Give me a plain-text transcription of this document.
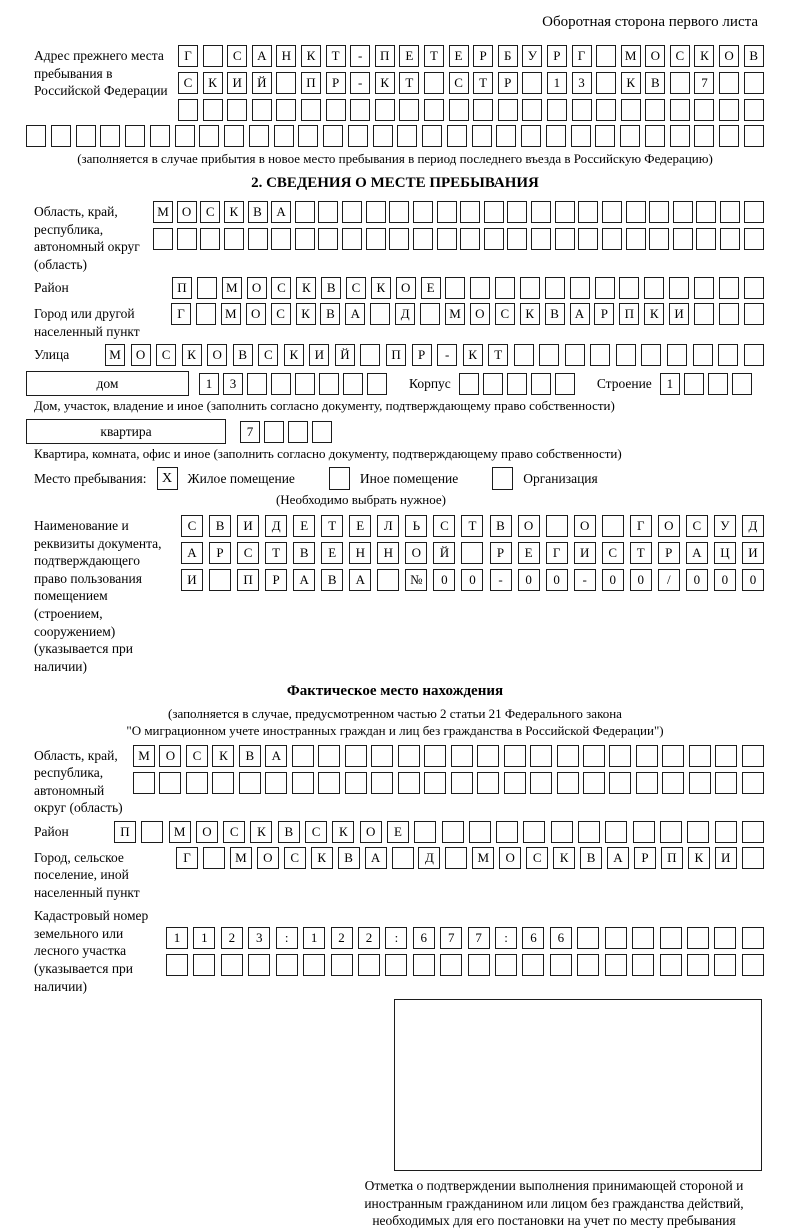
Оборотная сторона первого листа
Адрес прежнего места пребывания в Российской Федерации
Г	С	А	Н	К	Т	-	П	Е	Т	Е	Р	Б	У	Р	Г	М	О	С	К	О	В
С	К	И	Й	П	Р	-	К	Т	С	Т	Р	1	3	К	В	7
(заполняется в случае прибытия в новое место пребывания в период последнего въезда в Российскую Федерацию)
2. СВЕДЕНИЯ О МЕСТЕ ПРЕБЫВАНИЯ
Область, край, республика, автономный округ (область)
М	О	С	К	В	А
Район	П	М	О	С	К	В	С	К	О	Е
Город или другой населенный пункт
Г	М	О	С	К	В	А	Д	М	О	С	К	В	А	Р	П	К	И
Улица	М	О	С	К	О	В	С	К	И	Й	П	Р	-	К	Т
дом	1	3	Корпус	Строение	1
Дом, участок, владение и иное (заполнить согласно документу, подтверждающему право собственности)
квартира	7
Квартира, комната, офис и иное (заполнить согласно документу, подтверждающему право собственности)
Место пребывания:	X	Жилое помещение	Иное помещение	Организация
(Необходимо выбрать нужное)
Наименование и реквизиты документа, подтверждающего право пользования помещением (строением, сооружением) (указывается при наличии)
С	В	И	Д	Е	Т	Е	Л	Ь	С	Т	В	О	О	Г	О	С	У	Д
А	Р	С	Т	В	Е	Н	Н	О	Й	Р	Е	Г	И	С	Т	Р	А	Ц	И
И	П	Р	А	В	А	№	0	0	-	0	0	-	0	0	/	0	0	0
Фактическое место нахождения
(заполняется в случае, предусмотренном частью 2 статьи 21 Федерального закона
"О миграционном учете иностранных граждан и лиц без гражданства в Российской Федерации")
Область, край, республика, автономный округ (область)
М	О	С	К	В	А
Район	П	М	О	С	К	В	С	К	О	Е
Город, сельское поселение, иной населенный пункт
Г	М	О	С	К	В	А	Д	М	О	С	К	В	А	Р	П	К	И
Кадастровый номер земельного или лесного участка (указывается при наличии)
1	1	2	3	:	1	2	2	:	6	7	7	:	6	6
Отметка о подтверждении выполнения принимающей стороной и иностранным гражданином или лицом без гражданства действий, необходимых для его постановки на учет по месту пребывания
